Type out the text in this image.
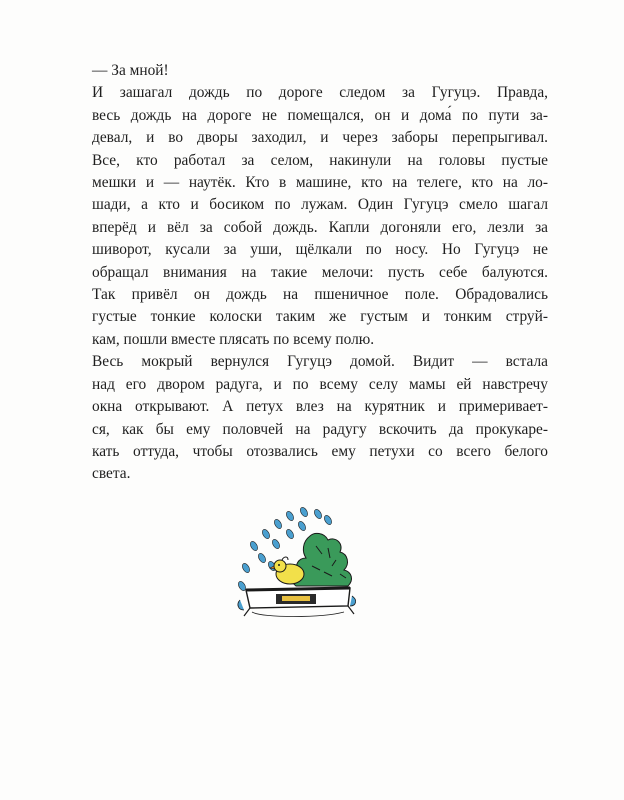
— За мной!

И зашагал дождь по дороге следом за Гугуцэ. Правда,
весь дождь на дороге не помещался, он и дома́ по пути за-
девал, и во дворы заходил, и через заборы перепрыгивал.

Все, кто работал за селом, накинули на головы пустые
мешки и — наутёк. Кто в машине, кто на телеге, кто на ло-
шади, а кто и босиком по лужам. Один Гугуцэ смело шагал
вперёд и вёл за собой дождь. Капли догоняли его, лезли за
шиворот, кусали за уши, щёлкали по носу. Но Гугуцэ не
обращал внимания на такие мелочи: пусть себе балуются.

Так привёл он дождь на пшеничное поле. Обрадовались
густые тонкие колоски таким же густым и тонким струй-
кам, пошли вместе плясать по всему полю.

Весь мокрый вернулся Гугуцэ домой. Видит — встала
над его двором радуга, и по всему селу мамы ей навстречу
окна открывают. А петух влез на курятник и примеривает-
ся, как бы ему половчей на радугу вскочить да прокукаре-
кать оттуда, чтобы отозвались ему петухи со всего белого
света.
